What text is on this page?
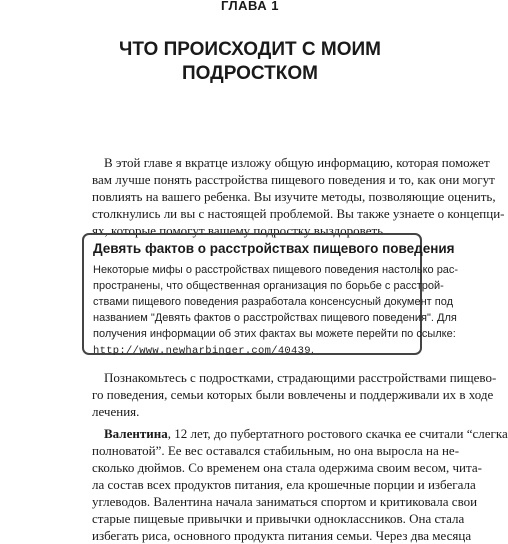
ГЛАВА 1
ЧТО ПРОИСХОДИТ С МОИМ
ПОДРОСТКОМ
В этой главе я вкратце изложу общую информацию, которая поможет
вам лучше понять расстройства пищевого поведения и то, как они могут
повлиять на вашего ребенка. Вы изучите методы, позволяющие оценить,
столкнулись ли вы с настоящей проблемой. Вы также узнаете о концепци-
ях, которые помогут вашему подростку выздороветь.
Девять фактов о расстройствах пищевого поведения
Некоторые мифы о расстройствах пищевого поведения настолько рас-
пространены, что общественная организация по борьбе с расстрой-
ствами пищевого поведения разработала консенсусный документ под
названием "Девять фактов о расстройствах пищевого поведения". Для
получения информации об этих фактах вы можете перейти по ссылке:
http://www.newharbinger.com/40439.
Познакомьтесь с подростками, страдающими расстройствами пищево-
го поведения, семьи которых были вовлечены и поддерживали их в ходе
лечения.
Валентина, 12 лет, до пубертатного ростового скачка ее считали “слегка
полноватой”. Ее вес оставался стабильным, но она выросла на не-
сколько дюймов. Со временем она стала одержима своим весом, чита-
ла состав всех продуктов питания, ела крошечные порции и избегала
углеводов. Валентина начала заниматься спортом и критиковала свои
старые пищевые привычки и привычки одноклассников. Она стала
избегать риса, основного продукта питания семьи. Через два месяца
